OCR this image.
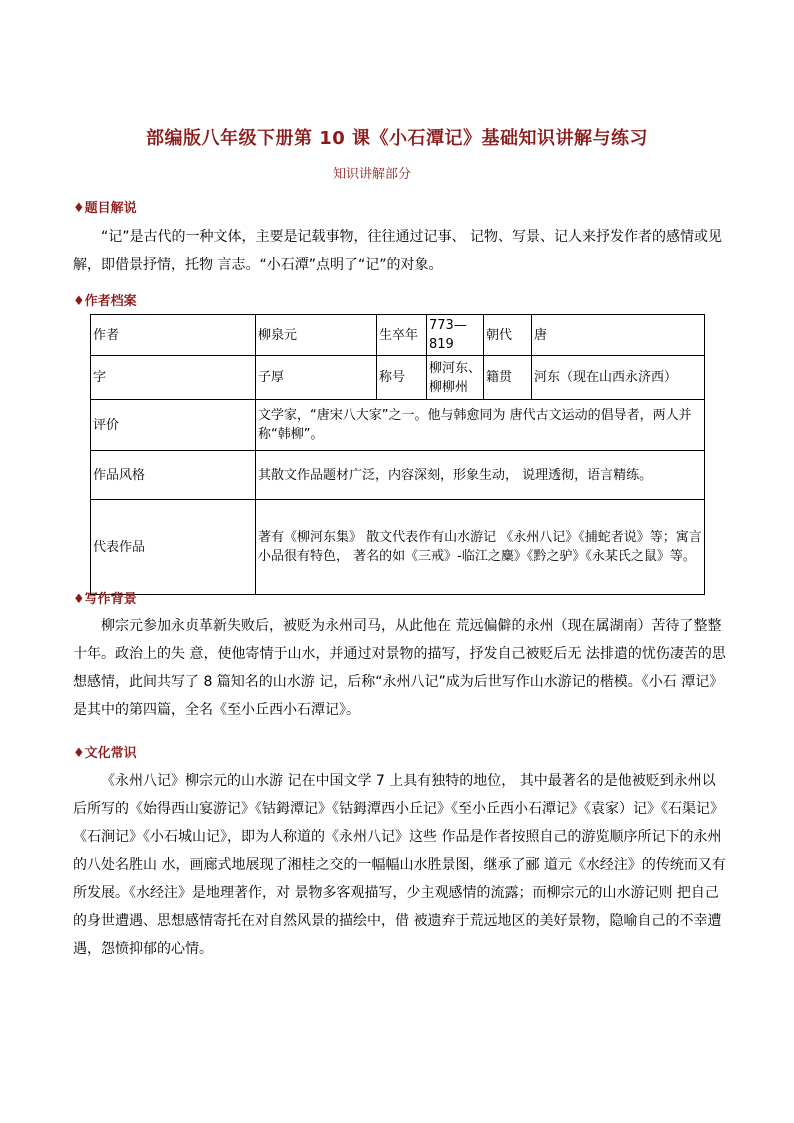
部编版八年级下册第 10 课《小石潭记》基础知识讲解与练习
知识讲解部分
♦题目解说

“记”是古代的一种文体，主要是记载事物，往往通过记事、 记物、写景、记人来抒发作者的感情或见解，即借景抒情，托物 言志。“小石潭”点明了“记”的对象。

♦作者档案
作者	柳泉元	生卒年	773—819	朝代	唐
字	子厚	称号	柳河东、柳柳州	籍贯	河东（现在山西永济西）
评价	文学家，“唐宋八大家”之一。他与韩愈同为 唐代古文运动的倡导者，两人并称“韩柳”。				
作品风格	其散文作品题材广泛，内容深刻，形象生动， 说理透彻，语言精练。				
代表作品	著有《柳河东集》 散文代表作有山水游记 《永州八记》《捕蛇者说》等；寓言小品很有特色， 著名的如《三戒》-临江之麋》《黔之驴》《永某氏之鼠》等。				
♦写作背景

柳宗元参加永贞革新失败后，被贬为永州司马，从此他在 荒远偏僻的永州（现在属湖南）苦待了整整十年。政治上的失 意，使他寄情于山水，并通过对景物的描写，抒发自己被贬后无 法排遣的忧伤凄苦的思想感情，此间共写了 8 篇知名的山水游 记，后称“永州八记”成为后世写作山水游记的楷模。《小石 潭记》是其中的第四篇，全名《至小丘西小石潭记》。

♦文化常识

《永州八记》柳宗元的山水游 记在中国文学 7 上具有独特的地位， 其中最著名的是他被贬到永州以后所写的《始得西山宴游记》《钴鉧潭记》《钴鉧潭西小丘记》《至小丘西小石潭记》《袁家）记》《石渠记》《石涧记》《小石城山记》，即为人称道的《永州八记》这些 作品是作者按照自己的游览顺序所记下的永州的八处名胜山 水，画廊式地展现了湘桂之交的一幅幅山水胜景图，继承了郦 道元《水经注》的传统而又有所发展。《水经注》是地理著作，对 景物多客观描写，少主观感情的流露；而柳宗元的山水游记则 把自己的身世遭遇、思想感情寄托在对自然风景的描绘中，借 被遗弃于荒远地区的美好景物，隐喻自己的不幸遭遇，怨愤抑郁的心情。
